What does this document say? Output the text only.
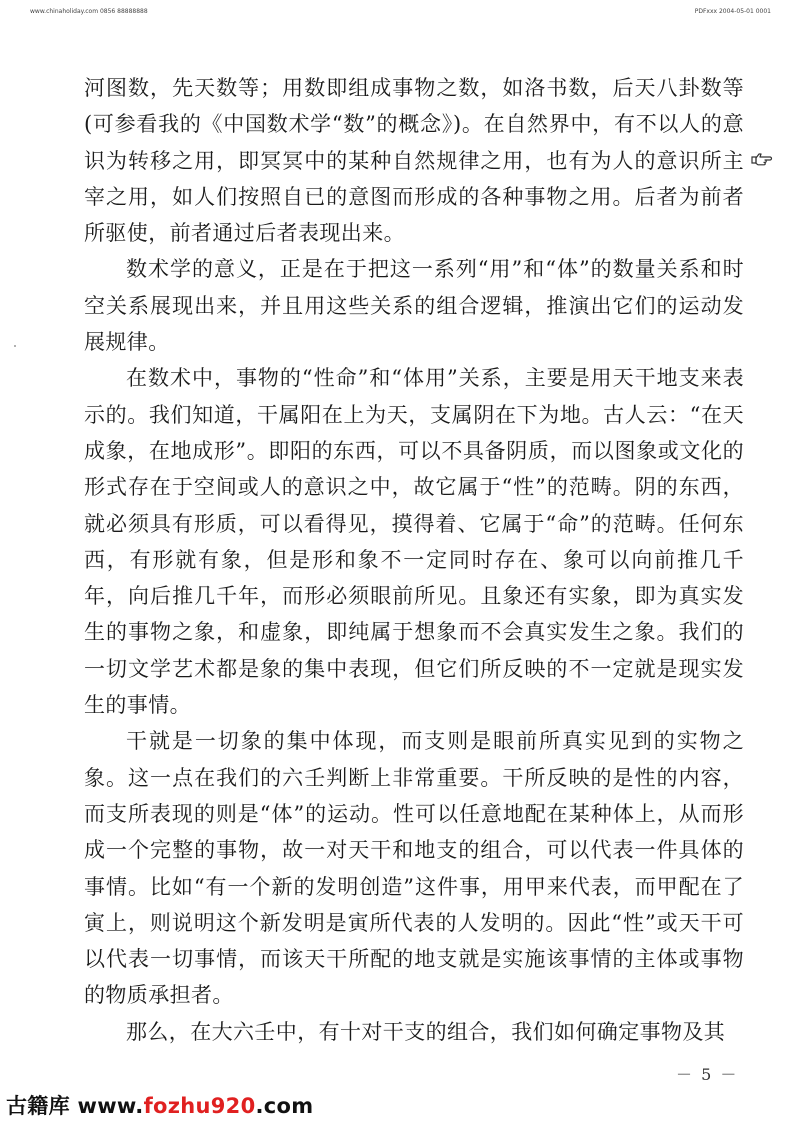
www.chinaholiday.com 0856 88888888	PDFxxx 2004-05-01 0001

河图数，先天数等；用数即组成事物之数，如洛书数，后天八卦数等(可参看我的《中国数术学“数”的概念》)。在自然界中，有不以人的意识为转移之用，即冥冥中的某种自然规律之用，也有为人的意识所主宰之用，如人们按照自已的意图而形成的各种事物之用。后者为前者所驱使，前者通过后者表现出来。

数术学的意义，正是在于把这一系列“用”和“体”的数量关系和时空关系展现出来，并且用这些关系的组合逻辑，推演出它们的运动发展规律。

在数术中，事物的“性命”和“体用”关系，主要是用天干地支来表示的。我们知道，干属阳在上为天，支属阴在下为地。古人云：“在天成象，在地成形”。即阳的东西，可以不具备阴质，而以图象或文化的形式存在于空间或人的意识之中，故它属于“性”的范畴。阴的东西，就必须具有形质，可以看得见，摸得着、它属于“命”的范畴。任何东西，有形就有象，但是形和象不一定同时存在、象可以向前推几千年，向后推几千年，而形必须眼前所见。且象还有实象，即为真实发生的事物之象，和虚象，即纯属于想象而不会真实发生之象。我们的一切文学艺术都是象的集中表现，但它们所反映的不一定就是现实发生的事情。

干就是一切象的集中体现，而支则是眼前所真实见到的实物之象。这一点在我们的六壬判断上非常重要。干所反映的是性的内容，而支所表现的则是“体”的运动。性可以任意地配在某种体上，从而形成一个完整的事物，故一对天干和地支的组合，可以代表一件具体的事情。比如“有一个新的发明创造”这件事，用甲来代表，而甲配在了寅上，则说明这个新发明是寅所代表的人发明的。因此“性”或天干可以代表一切事情，而该天干所配的地支就是实施该事情的主体或事物的物质承担者。

那么，在大六壬中，有十对干支的组合，我们如何确定事物及其

－ 5 －
古籍库 www.fozhu920.com
